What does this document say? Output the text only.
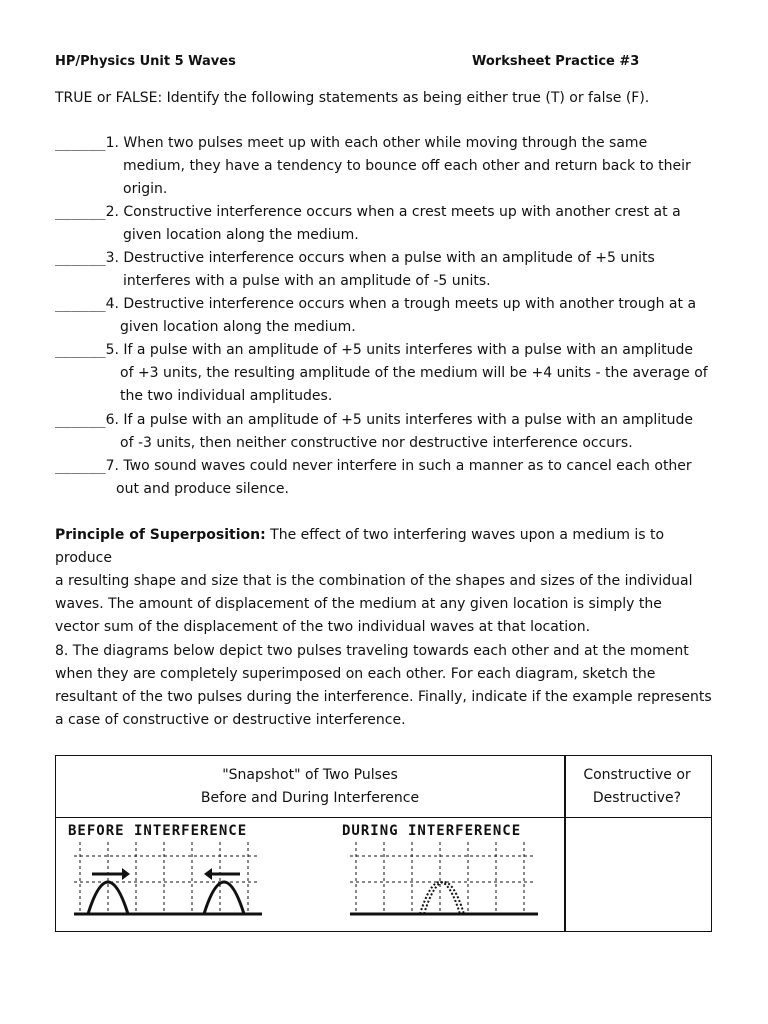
HP/Physics Unit 5 Waves	Worksheet Practice #3
TRUE or FALSE: Identify the following statements as being either true (T) or false (F).
______1. When two pulses meet up with each other while moving through the same
medium, they have a tendency to bounce off each other and return back to their
origin.
______2. Constructive interference occurs when a crest meets up with another crest at a
given location along the medium.
______3. Destructive interference occurs when a pulse with an amplitude of +5 units
interferes with a pulse with an amplitude of -5 units.
______4. Destructive interference occurs when a trough meets up with another trough at a
given location along the medium.
______5. If a pulse with an amplitude of +5 units interferes with a pulse with an amplitude
of +3 units, the resulting amplitude of the medium will be +4 units - the average of
the two individual amplitudes.
______6. If a pulse with an amplitude of +5 units interferes with a pulse with an amplitude
of -3 units, then neither constructive nor destructive interference occurs.
______7. Two sound waves could never interfere in such a manner as to cancel each other
out and produce silence.
Principle of Superposition: The effect of two interfering waves upon a medium is to produce
a resulting shape and size that is the combination of the shapes and sizes of the individual
waves. The amount of displacement of the medium at any given location is simply the
vector sum of the displacement of the two individual waves at that location.
8. The diagrams below depict two pulses traveling towards each other and at the moment
when they are completely superimposed on each other. For each diagram, sketch the
resultant of the two pulses during the interference. Finally, indicate if the example represents
a case of constructive or destructive interference.
"Snapshot" of Two Pulses
Before and During Interference
Constructive or
Destructive?
BEFORE INTERFERENCE	DURING INTERFERENCE
